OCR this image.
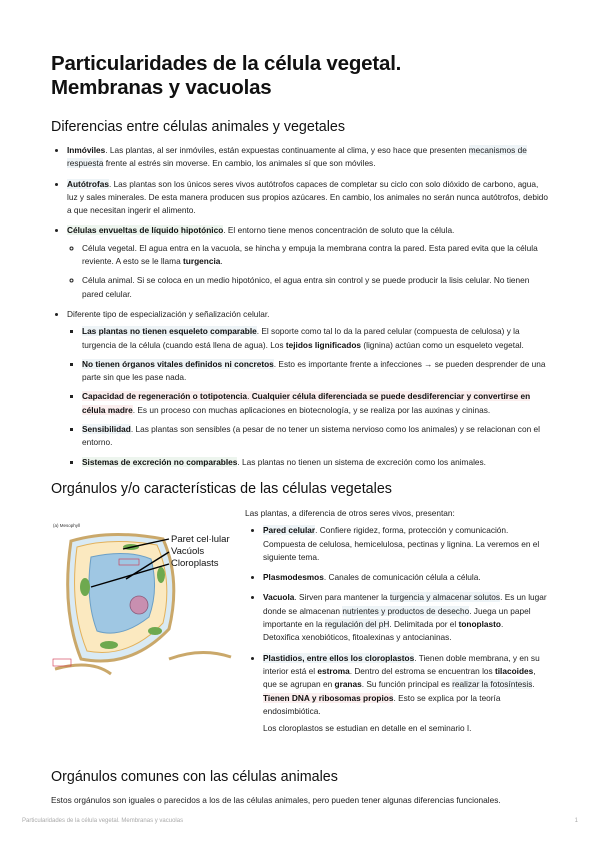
Particularidades de la célula vegetal.
Membranas y vacuolas
Diferencias entre células animales y vegetales
• Inmóviles. Las plantas, al ser inmóviles, están expuestas continuamente al clima, y eso hace que presenten mecanismos de respuesta frente al estrés sin moverse. En cambio, los animales sí que son móviles.
• Autótrofas. Las plantas son los únicos seres vivos autótrofos capaces de completar su ciclo con solo dióxido de carbono, agua, luz y sales minerales. De esta manera producen sus propios azúcares. En cambio, los animales no serán nunca autótrofos, debido a que necesitan ingerir el alimento.
• Células envueltas de líquido hipotónico. El entorno tiene menos concentración de soluto que la célula.
◦ Célula vegetal. El agua entra en la vacuola, se hincha y empuja la membrana contra la pared. Esta pared evita que la célula reviente. A esto se le llama turgencia.
◦ Célula animal. Si se coloca en un medio hipotónico, el agua entra sin control y se puede producir la lisis celular. No tienen pared celular.
• Diferente tipo de especialización y señalización celular.
▪ Las plantas no tienen esqueleto comparable. El soporte como tal lo da la pared celular (compuesta de celulosa) y la turgencia de la célula (cuando está llena de agua). Los tejidos lignificados (lignina) actúan como un esqueleto vegetal.
▪ No tienen órganos vitales definidos ni concretos. Esto es importante frente a infecciones → se pueden desprender de una parte sin que les pase nada.
▪ Capacidad de regeneración o totipotencia. Cualquier célula diferenciada se puede desdiferenciar y convertirse en célula madre. Es un proceso con muchas aplicaciones en biotecnología, y se realiza por las auxinas y cininas.
▪ Sensibilidad. Las plantas son sensibles (a pesar de no tener un sistema nervioso como los animales) y se relacionan con el entorno.
▪ Sistemas de excreción no comparables. Las plantas no tienen un sistema de excreción como los animales.
Orgánulos y/o características de las células vegetales
(a) Mesophyll
Paret cel·lular
Vacúols
Cloroplasts

Las plantas, a diferencia de otros seres vivos, presentan:

• Pared celular. Confiere rigidez, forma, protección y comunicación. Compuesta de celulosa, hemicelulosa, pectinas y lignina. La veremos en el siguiente tema.
• Plasmodesmos. Canales de comunicación célula a célula.
• Vacuola. Sirven para mantener la turgencia y almacenar solutos. Es un lugar donde se almacenan nutrientes y productos de desecho. Juega un papel importante en la regulación del pH. Delimitada por el tonoplasto.

Detoxifica xenobióticos, fitoalexinas y antocianinas.

• Plastidios, entre ellos los cloroplastos. Tienen doble membrana, y en su interior está el estroma. Dentro del estroma se encuentran los tilacoides, que se agrupan en granas. Su función principal es realizar la fotosíntesis.

Tienen DNA y ribosomas propios. Esto se explica por la teoría endosimbiótica.

Los cloroplastos se estudian en detalle en el seminario I.

Orgánulos comunes con las células animales

Estos orgánulos son iguales o parecidos a los de las células animales, pero pueden tener algunas diferencias funcionales.

Particularidades de la célula vegetal. Membranas y vacuolas	1
